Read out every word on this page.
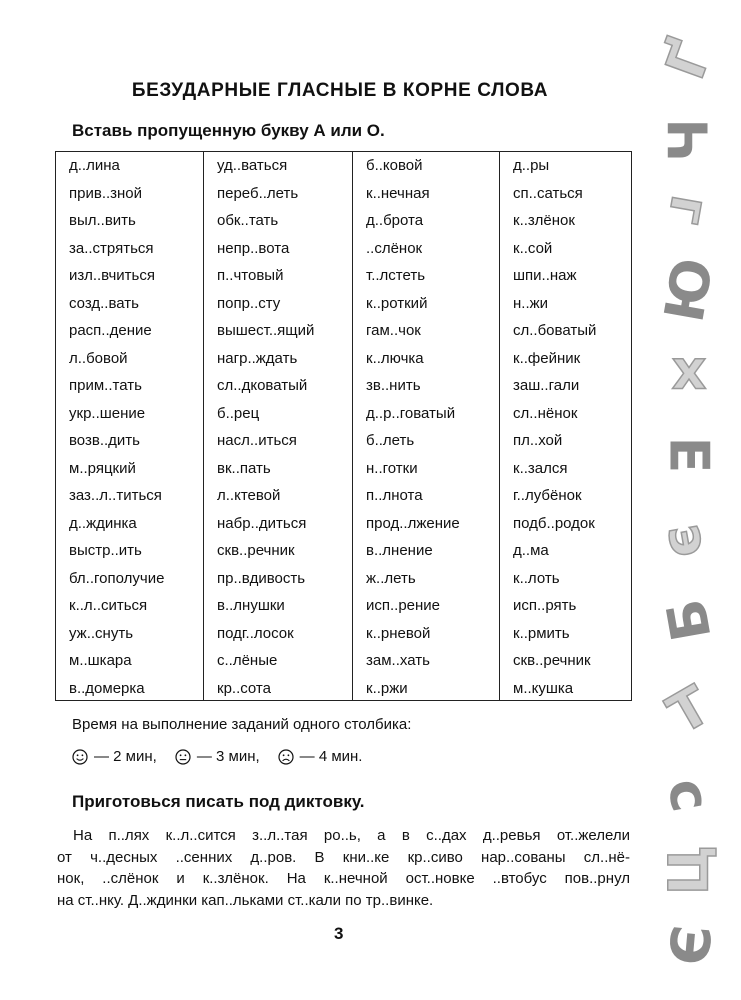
БЕЗУДАРНЫЕ ГЛАСНЫЕ В КОРНЕ СЛОВА
Вставь пропущенную букву А или О.
д..лина
прив..зной
выл..вить
за..стряться
изл..вчиться
созд..вать
расп..дение
л..бовой
прим..тать
укр..шение
возв..дить
м..ряцкий
заз..л..титься
д..ждинка
выстр..ить
бл..гополучие
к..л..ситься
уж..снуть
м..шкара
в..домерка
уд..ваться
переб..леть
обк..тать
непр..вота
п..чтовый
попр..сту
вышест..ящий
нагр..ждать
сл..дковатый
б..рец
насл..иться
вк..пать
л..ктевой
набр..диться
скв..речник
пр..вдивость
в..лнушки
подг..лосок
с..лёные
кр..сота
б..ковой
к..нечная
д..брота
..слёнок
т..лстеть
к..роткий
гам..чок
к..лючка
зв..нить
д..р..говатый
б..леть
н..готки
п..лнота
прод..лжение
в..лнение
ж..леть
исп..рение
к..рневой
зам..хать
к..ржи
д..ры
сп..саться
к..злёнок
к..сой
шпи..наж
н..жи
сл..боватый
к..фейник
заш..гали
сл..нёнок
пл..хой
к..зался
г..лубёнок
подб..родок
д..ма
к..лоть
исп..рять
к..рмить
скв..речник
м..кушка
Время на выполнение заданий одного столбика:
— 2 мин,	— 3 мин,	— 4 мин.
Приготовься писать под диктовку.
На п..лях к..л..сится з..л..тая ро..ь, а в с..дах д..ревья от..желели
от ч..десных ..сенних д..ров. В кни..ке кр..сиво нар..сованы сл..нё-
нок, ..слёнок и к..злёнок. На к..нечной ост..новке ..втобус пов..рнул
на ст..нку. Д..ждинки кап..льками ст..кали по тр..винке.
3
Ґ
Ч
г
Ю
х
Е
э
Б
Т
с
Ц
Э
